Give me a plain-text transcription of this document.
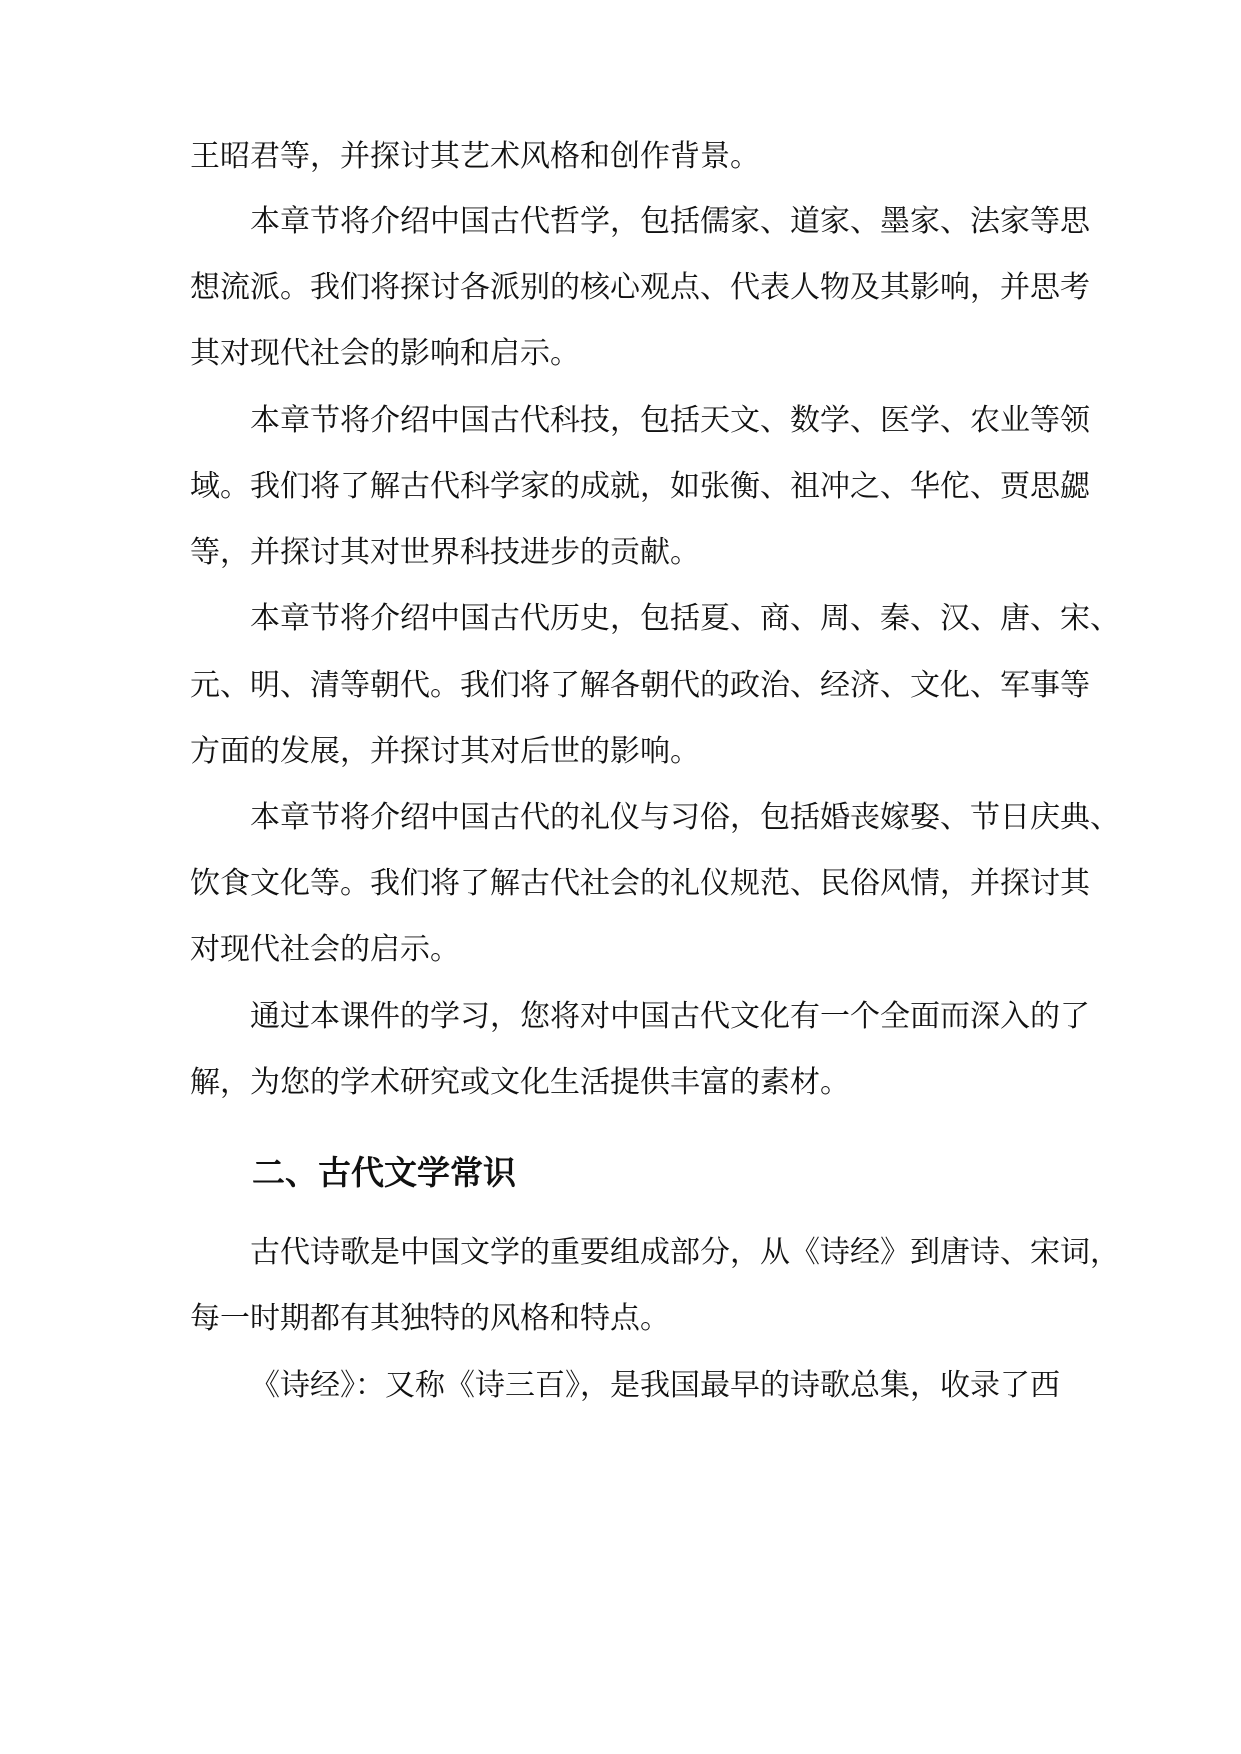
王昭君等，并探讨其艺术风格和创作背景。
本章节将介绍中国古代哲学，包括儒家、道家、墨家、法家等思
想流派。我们将探讨各派别的核心观点、代表人物及其影响，并思考
其对现代社会的影响和启示。
本章节将介绍中国古代科技，包括天文、数学、医学、农业等领
域。我们将了解古代科学家的成就，如张衡、祖冲之、华佗、贾思勰
等，并探讨其对世界科技进步的贡献。
本章节将介绍中国古代历史，包括夏、商、周、秦、汉、唐、宋、
元、明、清等朝代。我们将了解各朝代的政治、经济、文化、军事等
方面的发展，并探讨其对后世的影响。
本章节将介绍中国古代的礼仪与习俗，包括婚丧嫁娶、节日庆典、
饮食文化等。我们将了解古代社会的礼仪规范、民俗风情，并探讨其
对现代社会的启示。
通过本课件的学习，您将对中国古代文化有一个全面而深入的了
解，为您的学术研究或文化生活提供丰富的素材。
二、古代文学常识
古代诗歌是中国文学的重要组成部分，从《诗经》到唐诗、宋词，
每一时期都有其独特的风格和特点。
《诗经》：又称《诗三百》，是我国最早的诗歌总集，收录了西
